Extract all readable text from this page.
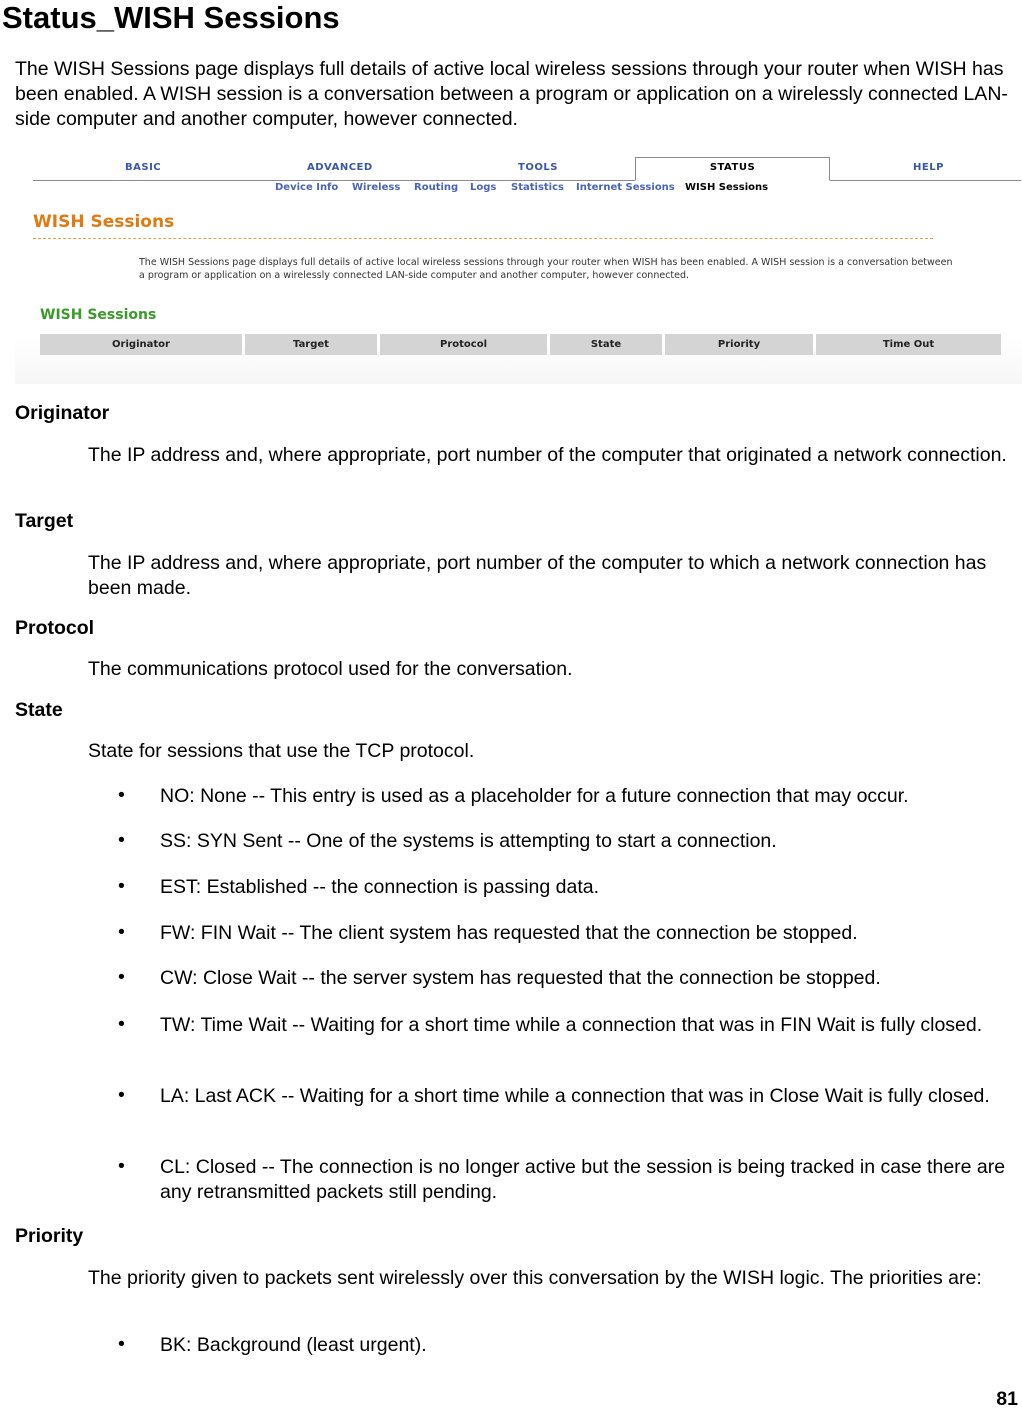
Status_WISH Sessions

The WISH Sessions page displays full details of active local wireless sessions through your router when WISH has been enabled. A WISH session is a conversation between a program or application on a wirelessly connected LAN-side computer and another computer, however connected.

BASIC	ADVANCED	TOOLS	STATUS	HELP
Device Info Wireless Routing Logs Statistics Internet Sessions WISH Sessions
WISH Sessions
The WISH Sessions page displays full details of active local wireless sessions through your router when WISH has been enabled. A WISH session is a conversation between a program or application on a wirelessly connected LAN-side computer and another computer, however connected.
WISH Sessions
Originator	Target	Protocol	State	Priority	Time Out
Originator
The IP address and, where appropriate, port number of the computer that originated a network connection.
Target
The IP address and, where appropriate, port number of the computer to which a network connection has been made.
Protocol
The communications protocol used for the conversation.
State
State for sessions that use the TCP protocol.
• NO: None -- This entry is used as a placeholder for a future connection that may occur.
• SS: SYN Sent -- One of the systems is attempting to start a connection.
• EST: Established -- the connection is passing data.
• FW: FIN Wait -- The client system has requested that the connection be stopped.
• CW: Close Wait -- the server system has requested that the connection be stopped.
• TW: Time Wait -- Waiting for a short time while a connection that was in FIN Wait is fully closed.
• LA: Last ACK -- Waiting for a short time while a connection that was in Close Wait is fully closed.
• CL: Closed -- The connection is no longer active but the session is being tracked in case there are any retransmitted packets still pending.
Priority
The priority given to packets sent wirelessly over this conversation by the WISH logic. The priorities are:
• BK: Background (least urgent).
81
